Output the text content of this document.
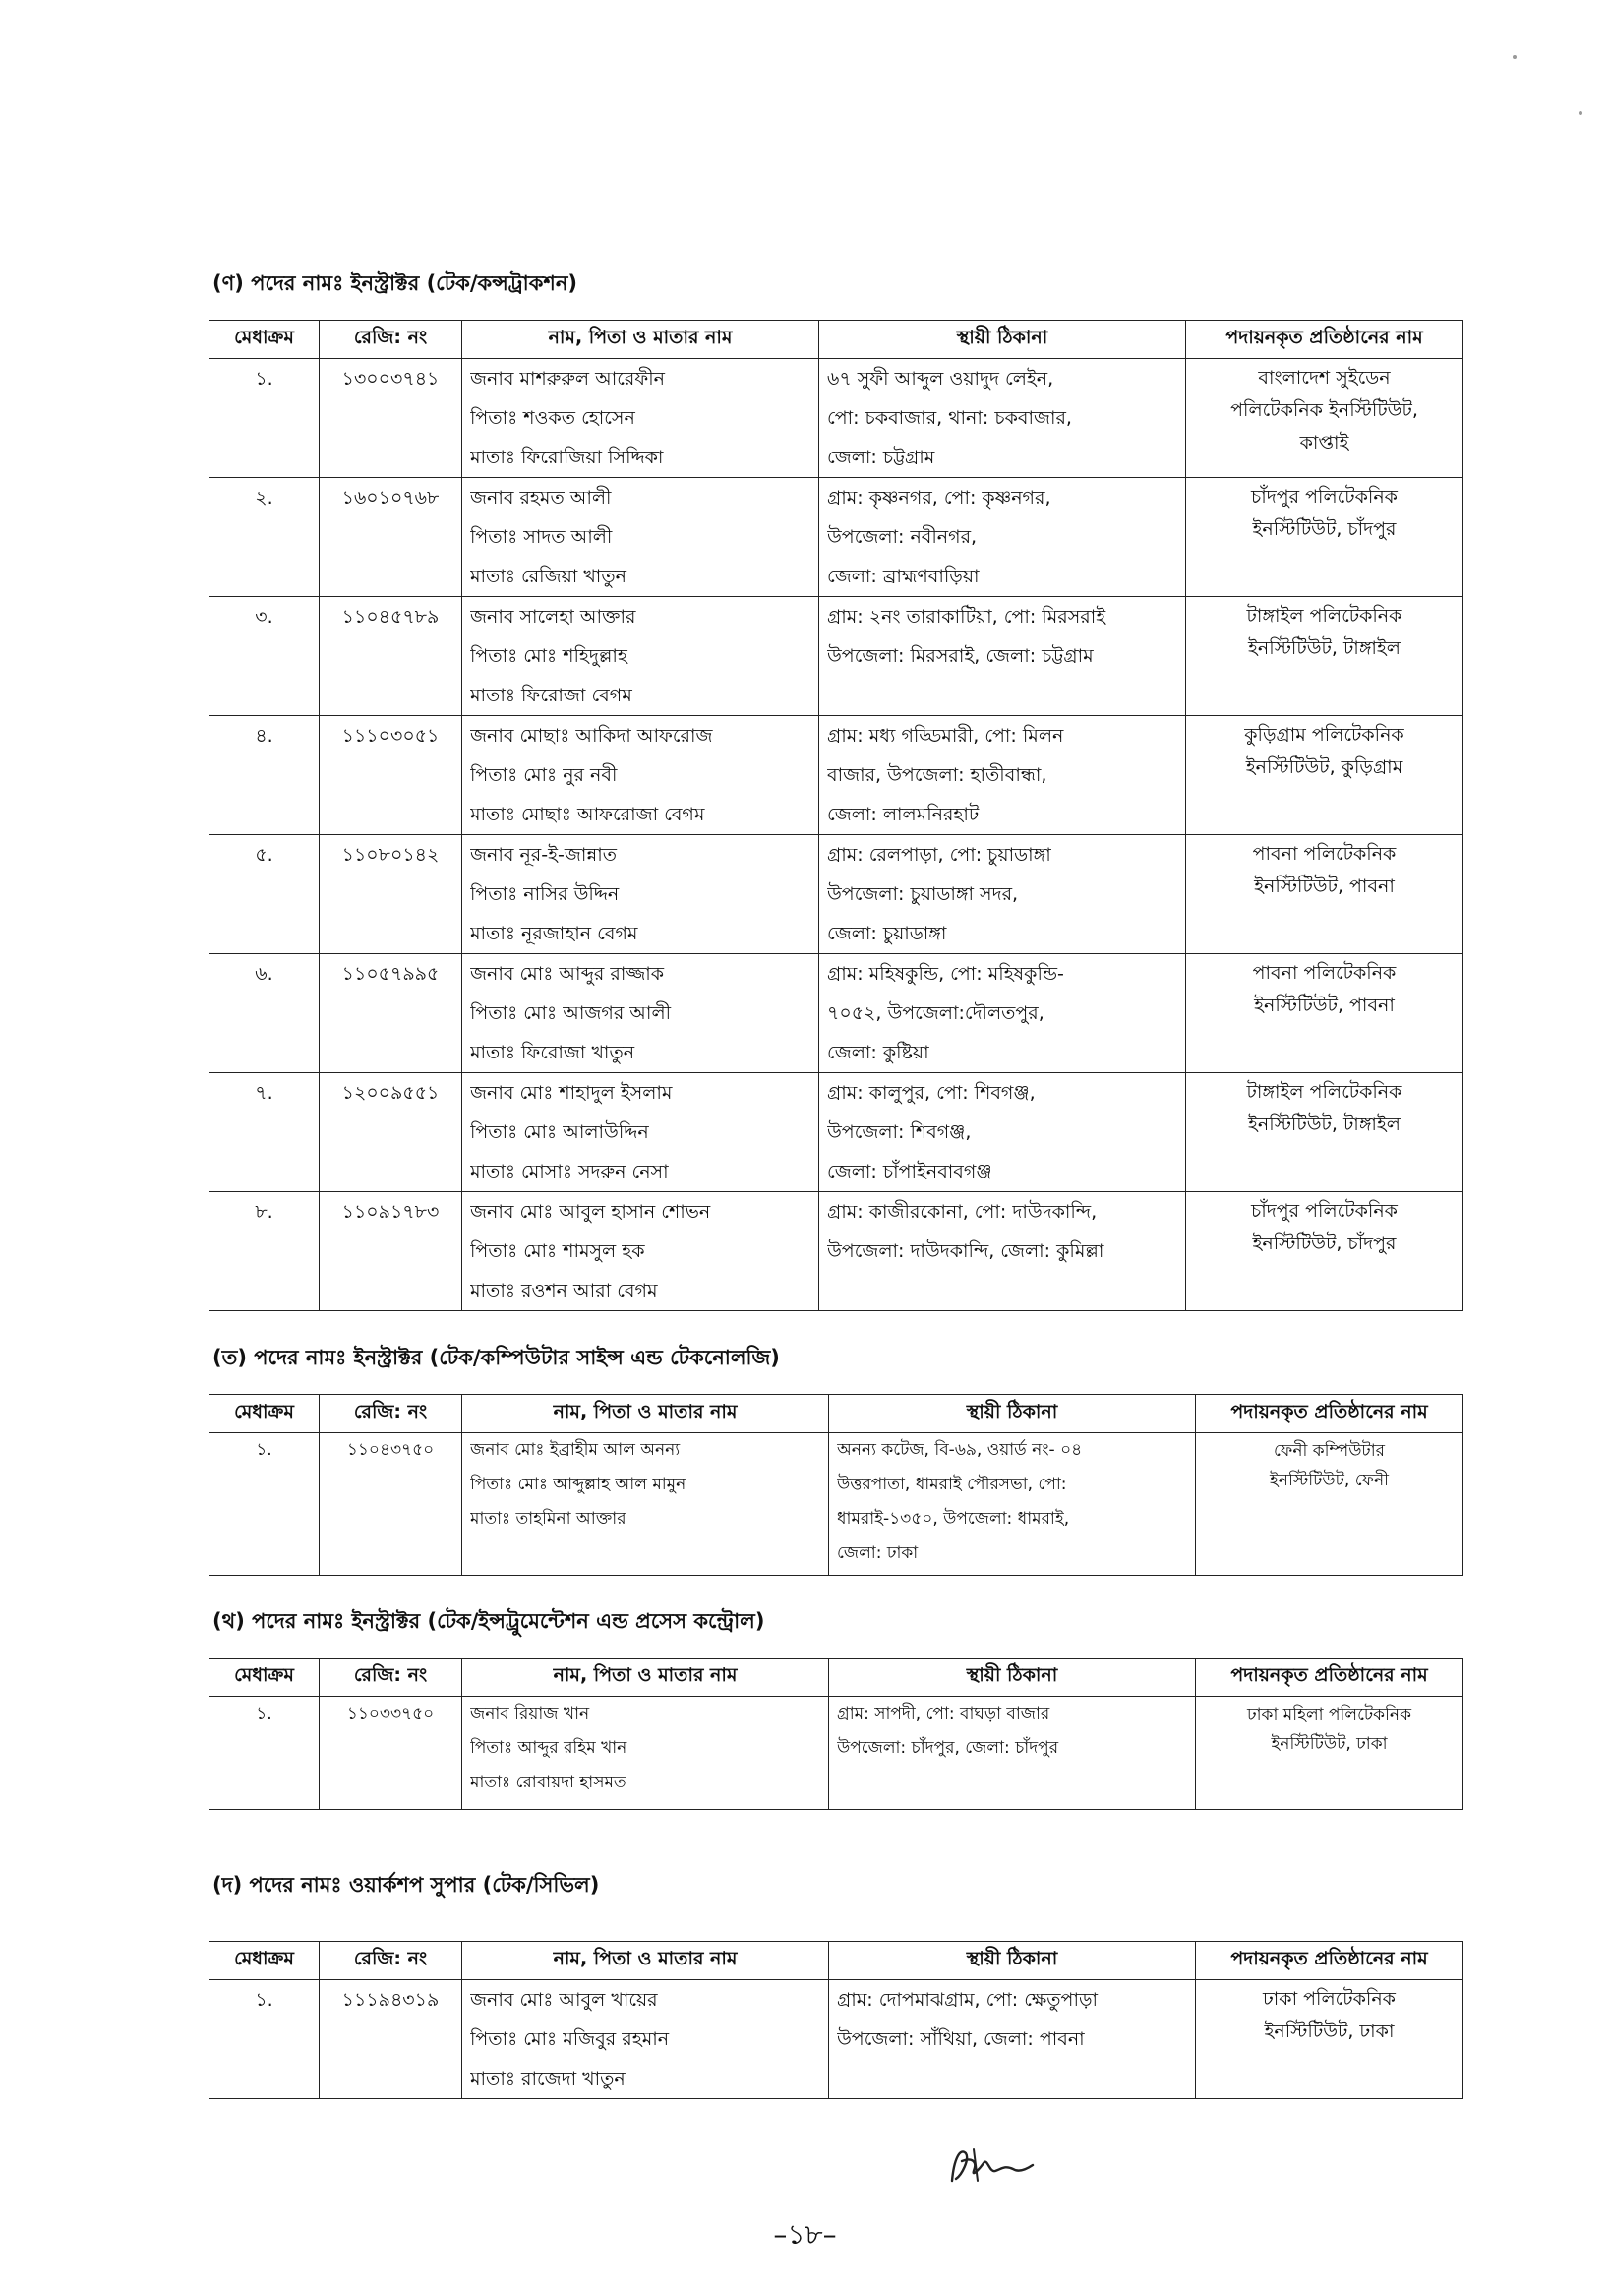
(ণ) পদের নামঃ ইনস্ট্রাক্টর (টেক/কন্সট্রাকশন)
মেধাক্রম	রেজি: নং	নাম, পিতা ও মাতার নাম	স্থায়ী ঠিকানা	পদায়নকৃত প্রতিষ্ঠানের নাম
১.	১৩০০৩৭৪১	জনাব মাশরুরুল আরেফীন
পিতাঃ শওকত হোসেন
মাতাঃ ফিরোজিয়া সিদ্দিকা	৬৭ সুফী আব্দুল ওয়াদুদ লেইন,
পো: চকবাজার, থানা: চকবাজার,
জেলা: চট্টগ্রাম	বাংলাদেশ সুইডেন
পলিটেকনিক ইনস্টিটিউট,
কাপ্তাই

২.	১৬০১০৭৬৮	জনাব রহমত আলী
পিতাঃ সাদত আলী
মাতাঃ রেজিয়া খাতুন	গ্রাম: কৃষ্ণনগর, পো: কৃষ্ণনগর,
উপজেলা: নবীনগর,
জেলা: ব্রাহ্মণবাড়িয়া	চাঁদপুর পলিটেকনিক
ইনস্টিটিউট, চাঁদপুর

৩.	১১০৪৫৭৮৯	জনাব সালেহা আক্তার
পিতাঃ মোঃ শহিদুল্লাহ
মাতাঃ ফিরোজা বেগম	গ্রাম: ২নং তারাকাটিয়া, পো: মিরসরাই
উপজেলা: মিরসরাই, জেলা: চট্টগ্রাম	টাঙ্গাইল পলিটেকনিক
ইনস্টিটিউট, টাঙ্গাইল

৪.	১১১০৩০৫১	জনাব মোছাঃ আকিদা আফরোজ
পিতাঃ মোঃ নুর নবী
মাতাঃ মোছাঃ আফরোজা বেগম	গ্রাম: মধ্য গড্ডিমারী, পো: মিলন
বাজার, উপজেলা: হাতীবান্ধা,
জেলা: লালমনিরহাট	কুড়িগ্রাম পলিটেকনিক
ইনস্টিটিউট, কুড়িগ্রাম

৫.	১১০৮০১৪২	জনাব নূর-ই-জান্নাত
পিতাঃ নাসির উদ্দিন
মাতাঃ নূরজাহান বেগম	গ্রাম: রেলপাড়া, পো: চুয়াডাঙ্গা
উপজেলা: চুয়াডাঙ্গা সদর,
জেলা: চুয়াডাঙ্গা	পাবনা পলিটেকনিক
ইনস্টিটিউট, পাবনা

৬.	১১০৫৭৯৯৫	জনাব মোঃ আব্দুর রাজ্জাক
পিতাঃ মোঃ আজগর আলী
মাতাঃ ফিরোজা খাতুন	গ্রাম: মহিষকুন্ডি, পো: মহিষকুন্ডি-
৭০৫২, উপজেলা:দৌলতপুর,
জেলা: কুষ্টিয়া	পাবনা পলিটেকনিক
ইনস্টিটিউট, পাবনা

৭.	১২০০৯৫৫১	জনাব মোঃ শাহাদুল ইসলাম
পিতাঃ মোঃ আলাউদ্দিন
মাতাঃ মোসাঃ সদরুন নেসা	গ্রাম: কালুপুর, পো: শিবগঞ্জ,
উপজেলা: শিবগঞ্জ,
জেলা: চাঁপাইনবাবগঞ্জ	টাঙ্গাইল পলিটেকনিক
ইনস্টিটিউট, টাঙ্গাইল

৮.	১১০৯১৭৮৩	জনাব মোঃ আবুল হাসান শোভন
পিতাঃ মোঃ শামসুল হক
মাতাঃ রওশন আরা বেগম	গ্রাম: কাজীরকোনা, পো: দাউদকান্দি,
উপজেলা: দাউদকান্দি, জেলা: কুমিল্লা	চাঁদপুর পলিটেকনিক
ইনস্টিটিউট, চাঁদপুর
(ত) পদের নামঃ ইনস্ট্রাক্টর (টেক/কম্পিউটার সাইন্স এন্ড টেকনোলজি)
মেধাক্রম	রেজি: নং	নাম, পিতা ও মাতার নাম	স্থায়ী ঠিকানা	পদায়নকৃত প্রতিষ্ঠানের নাম
১.	১১০৪৩৭৫০	জনাব মোঃ ইব্রাহীম আল অনন্য
পিতাঃ মোঃ আব্দুল্লাহ আল মামুন
মাতাঃ তাহমিনা আক্তার	অনন্য কটেজ, বি-৬৯, ওয়ার্ড নং- ০৪
উত্তরপাতা, ধামরাই পৌরসভা, পো:
ধামরাই-১৩৫০, উপজেলা: ধামরাই,
জেলা: ঢাকা	ফেনী কম্পিউটার
ইনস্টিটিউট, ফেনী
(থ) পদের নামঃ ইনস্ট্রাক্টর (টেক/ইন্সট্রুমেন্টেশন এন্ড প্রসেস কন্ট্রোল)
মেধাক্রম	রেজি: নং	নাম, পিতা ও মাতার নাম	স্থায়ী ঠিকানা	পদায়নকৃত প্রতিষ্ঠানের নাম
১.	১১০৩৩৭৫০	জনাব রিয়াজ খান
পিতাঃ আব্দুর রহিম খান
মাতাঃ রোবায়দা হাসমত	গ্রাম: সাপদী, পো: বাঘড়া বাজার
উপজেলা: চাঁদপুর, জেলা: চাঁদপুর	ঢাকা মহিলা পলিটেকনিক
ইনস্টিটিউট, ঢাকা
(দ) পদের নামঃ ওয়ার্কশপ সুপার (টেক/সিভিল)
মেধাক্রম	রেজি: নং	নাম, পিতা ও মাতার নাম	স্থায়ী ঠিকানা	পদায়নকৃত প্রতিষ্ঠানের নাম
১.	১১১৯৪৩১৯	জনাব মোঃ আবুল খায়ের
পিতাঃ মোঃ মজিবুর রহমান
মাতাঃ রাজেদা খাতুন	গ্রাম: দোপমাঝগ্রাম, পো: ক্ষেতুপাড়া
উপজেলা: সাঁথিয়া, জেলা: পাবনা	ঢাকা পলিটেকনিক
ইনস্টিটিউট, ঢাকা
–১৮–
